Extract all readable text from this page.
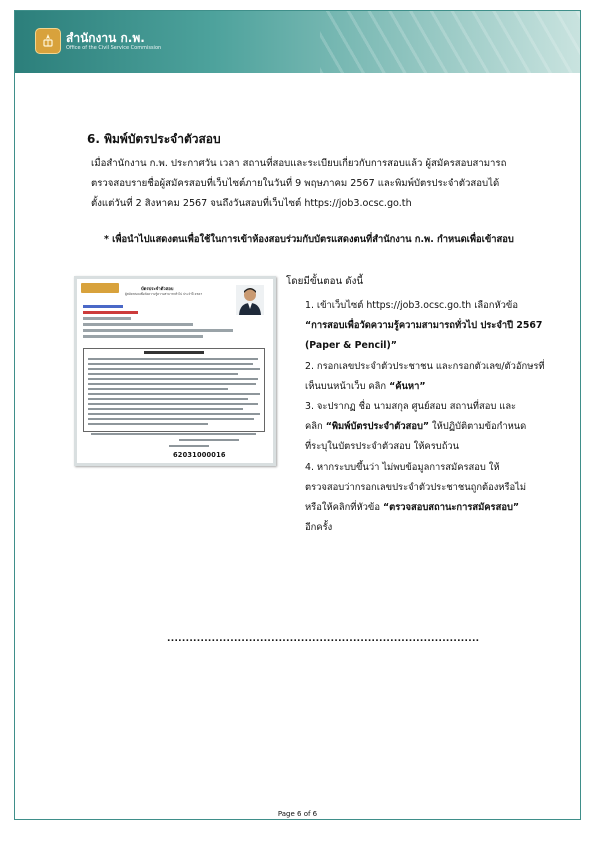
สำนักงาน ก.พ.
Office of the Civil Service Commission
6. พิมพ์บัตรประจำตัวสอบ
เมื่อสำนักงาน ก.พ. ประกาศวัน เวลา สถานที่สอบและระเบียบเกี่ยวกับการสอบแล้ว ผู้สมัครสอบสามารถ
ตรวจสอบรายชื่อผู้สมัครสอบที่เว็บไซต์ภายในวันที่ 9 พฤษภาคม 2567 และพิมพ์บัตรประจำตัวสอบได้
ตั้งแต่วันที่ 2 สิงหาคม 2567 จนถึงวันสอบที่เว็บไซต์ https://job3.ocsc.go.th
* เพื่อนำไปแสดงตนเพื่อใช้ในการเข้าห้องสอบร่วมกับบัตรแสดงตนที่สำนักงาน ก.พ. กำหนดเพื่อเข้าสอบ
บัตรประจำตัวสอบ
ผู้สมัครสอบเพื่อวัดความรู้ความสามารถทั่วไป ประจำปี 2567
62031000016
โดยมีขั้นตอน ดังนี้
1. เข้าเว็บไซต์ https://job3.ocsc.go.th เลือกหัวข้อ
“การสอบเพื่อวัดความรู้ความสามารถทั่วไป ประจำปี 2567
(Paper & Pencil)”
2. กรอกเลขประจำตัวประชาชน และกรอกตัวเลข/ตัวอักษรที่
เห็นบนหน้าเว็บ คลิก “ค้นหา”
3. จะปรากฏ ชื่อ นามสกุล ศูนย์สอบ สถานที่สอบ และ
คลิก “พิมพ์บัตรประจำตัวสอบ” ให้ปฏิบัติตามข้อกำหนด
ที่ระบุในบัตรประจำตัวสอบ ให้ครบถ้วน
4. หากระบบขึ้นว่า ไม่พบข้อมูลการสมัครสอบ ให้
ตรวจสอบว่ากรอกเลขประจำตัวประชาชนถูกต้องหรือไม่
หรือให้คลิกที่หัวข้อ “ตรวจสอบสถานะการสมัครสอบ”
อีกครั้ง
....................................................................................
Page 6 of 6
